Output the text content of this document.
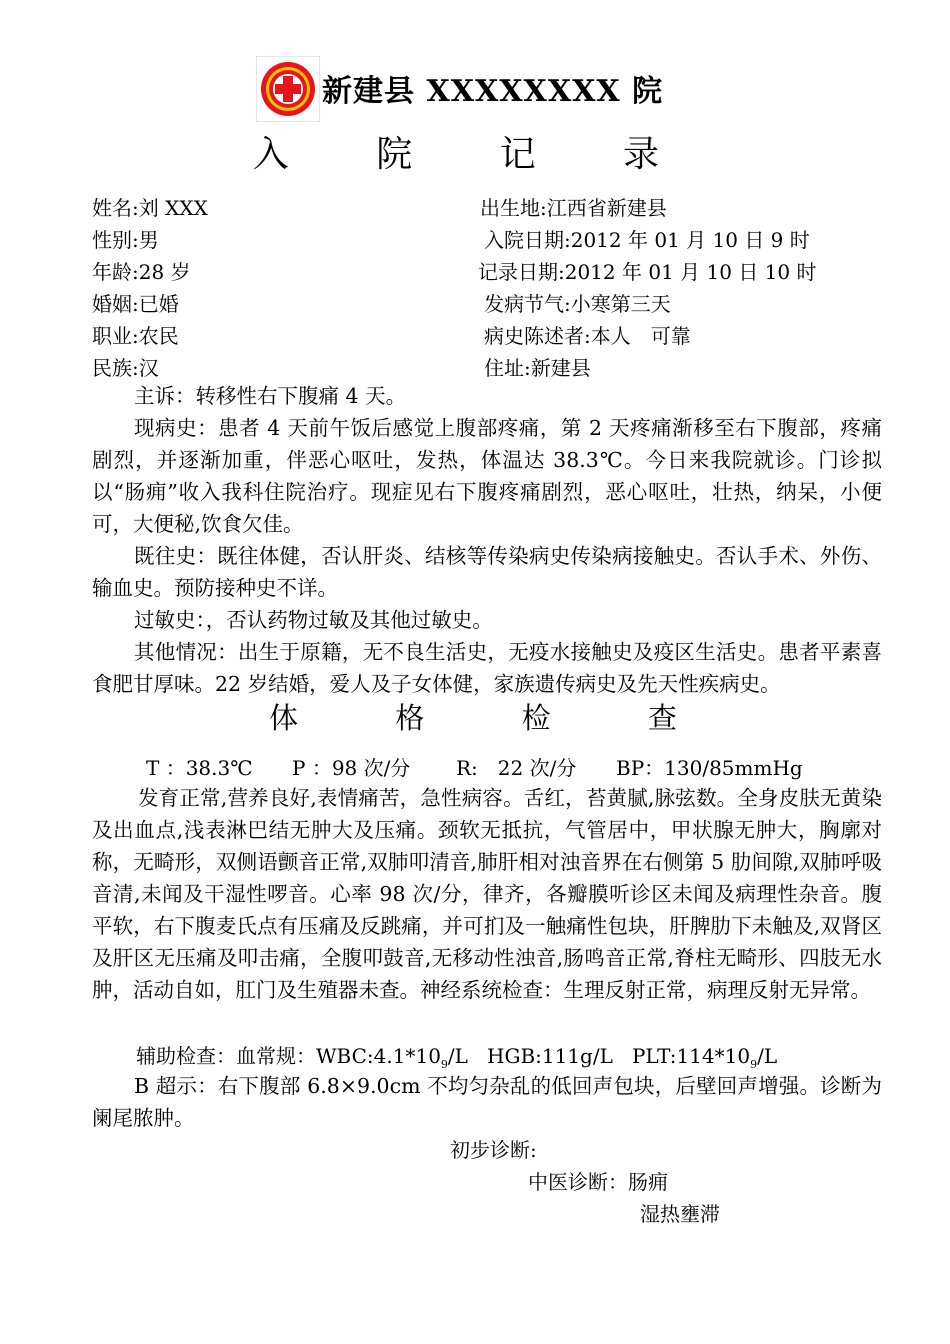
新建县 XXXXXXXX 院
入 院 记 录
姓名:刘 XXX
性别:男
年龄:28 岁
婚姻:已婚
职业:农民
民族:汉
出生地:江西省新建县
入院日期:2012 年 01 月 10 日 9 时
记录日期:2012 年 01 月 10 日 10 时
发病节气:小寒第三天
病史陈述者:本人　可靠
住址:新建县

主诉：转移性右下腹痛 4 天。

现病史：患者 4 天前午饭后感觉上腹部疼痛，第 2 天疼痛渐移至右下腹部，疼痛剧烈，并逐渐加重，伴恶心呕吐，发热，体温达 38.3℃。今日来我院就诊。门诊拟以“肠痈”收入我科住院治疗。现症见右下腹疼痛剧烈，恶心呕吐，壮热，纳呆，小便可，大便秘,饮食欠佳。

既往史：既往体健，否认肝炎、结核等传染病史传染病接触史。否认手术、外伤、输血史。预防接种史不详。

过敏史：，否认药物过敏及其他过敏史。

其他情况：出生于原籍，无不良生活史，无疫水接触史及疫区生活史。患者平素喜食肥甘厚味。22 岁结婚，爱人及子女体健，家族遗传病史及先天性疾病史。

体 格 检 查
T ：38.3℃ P ：98 次/分 R:　22 次/分 BP：130/85mmHg

发育正常,营养良好,表情痛苦，急性病容。舌红，苔黄腻,脉弦数。全身皮肤无黄染及出血点,浅表淋巴结无肿大及压痛。颈软无抵抗，气管居中，甲状腺无肿大，胸廓对称，无畸形，双侧语颤音正常,双肺叩清音,肺肝相对浊音界在右侧第 5 肋间隙,双肺呼吸音清,未闻及干湿性啰音。心率 98 次/分，律齐，各瓣膜听诊区未闻及病理性杂音。腹平软，右下腹麦氏点有压痛及反跳痛，并可扪及一触痛性包块，肝脾肋下未触及,双肾区及肝区无压痛及叩击痛，全腹叩鼓音,无移动性浊音,肠鸣音正常,脊柱无畸形、四肢无水肿，活动自如，肛门及生殖器未查。神经系统检查：生理反射正常，病理反射无异常。

辅助检查：血常规：$WBC:4.1*10_9/L$ HGB:111g/L $PLT:114*10_9/L$

B 超示：右下腹部 6.8×9.0cm 不均匀杂乱的低回声包块，后壁回声增强。诊断为阑尾脓肿。

初步诊断:
中医诊断：肠痈
湿热壅滞
